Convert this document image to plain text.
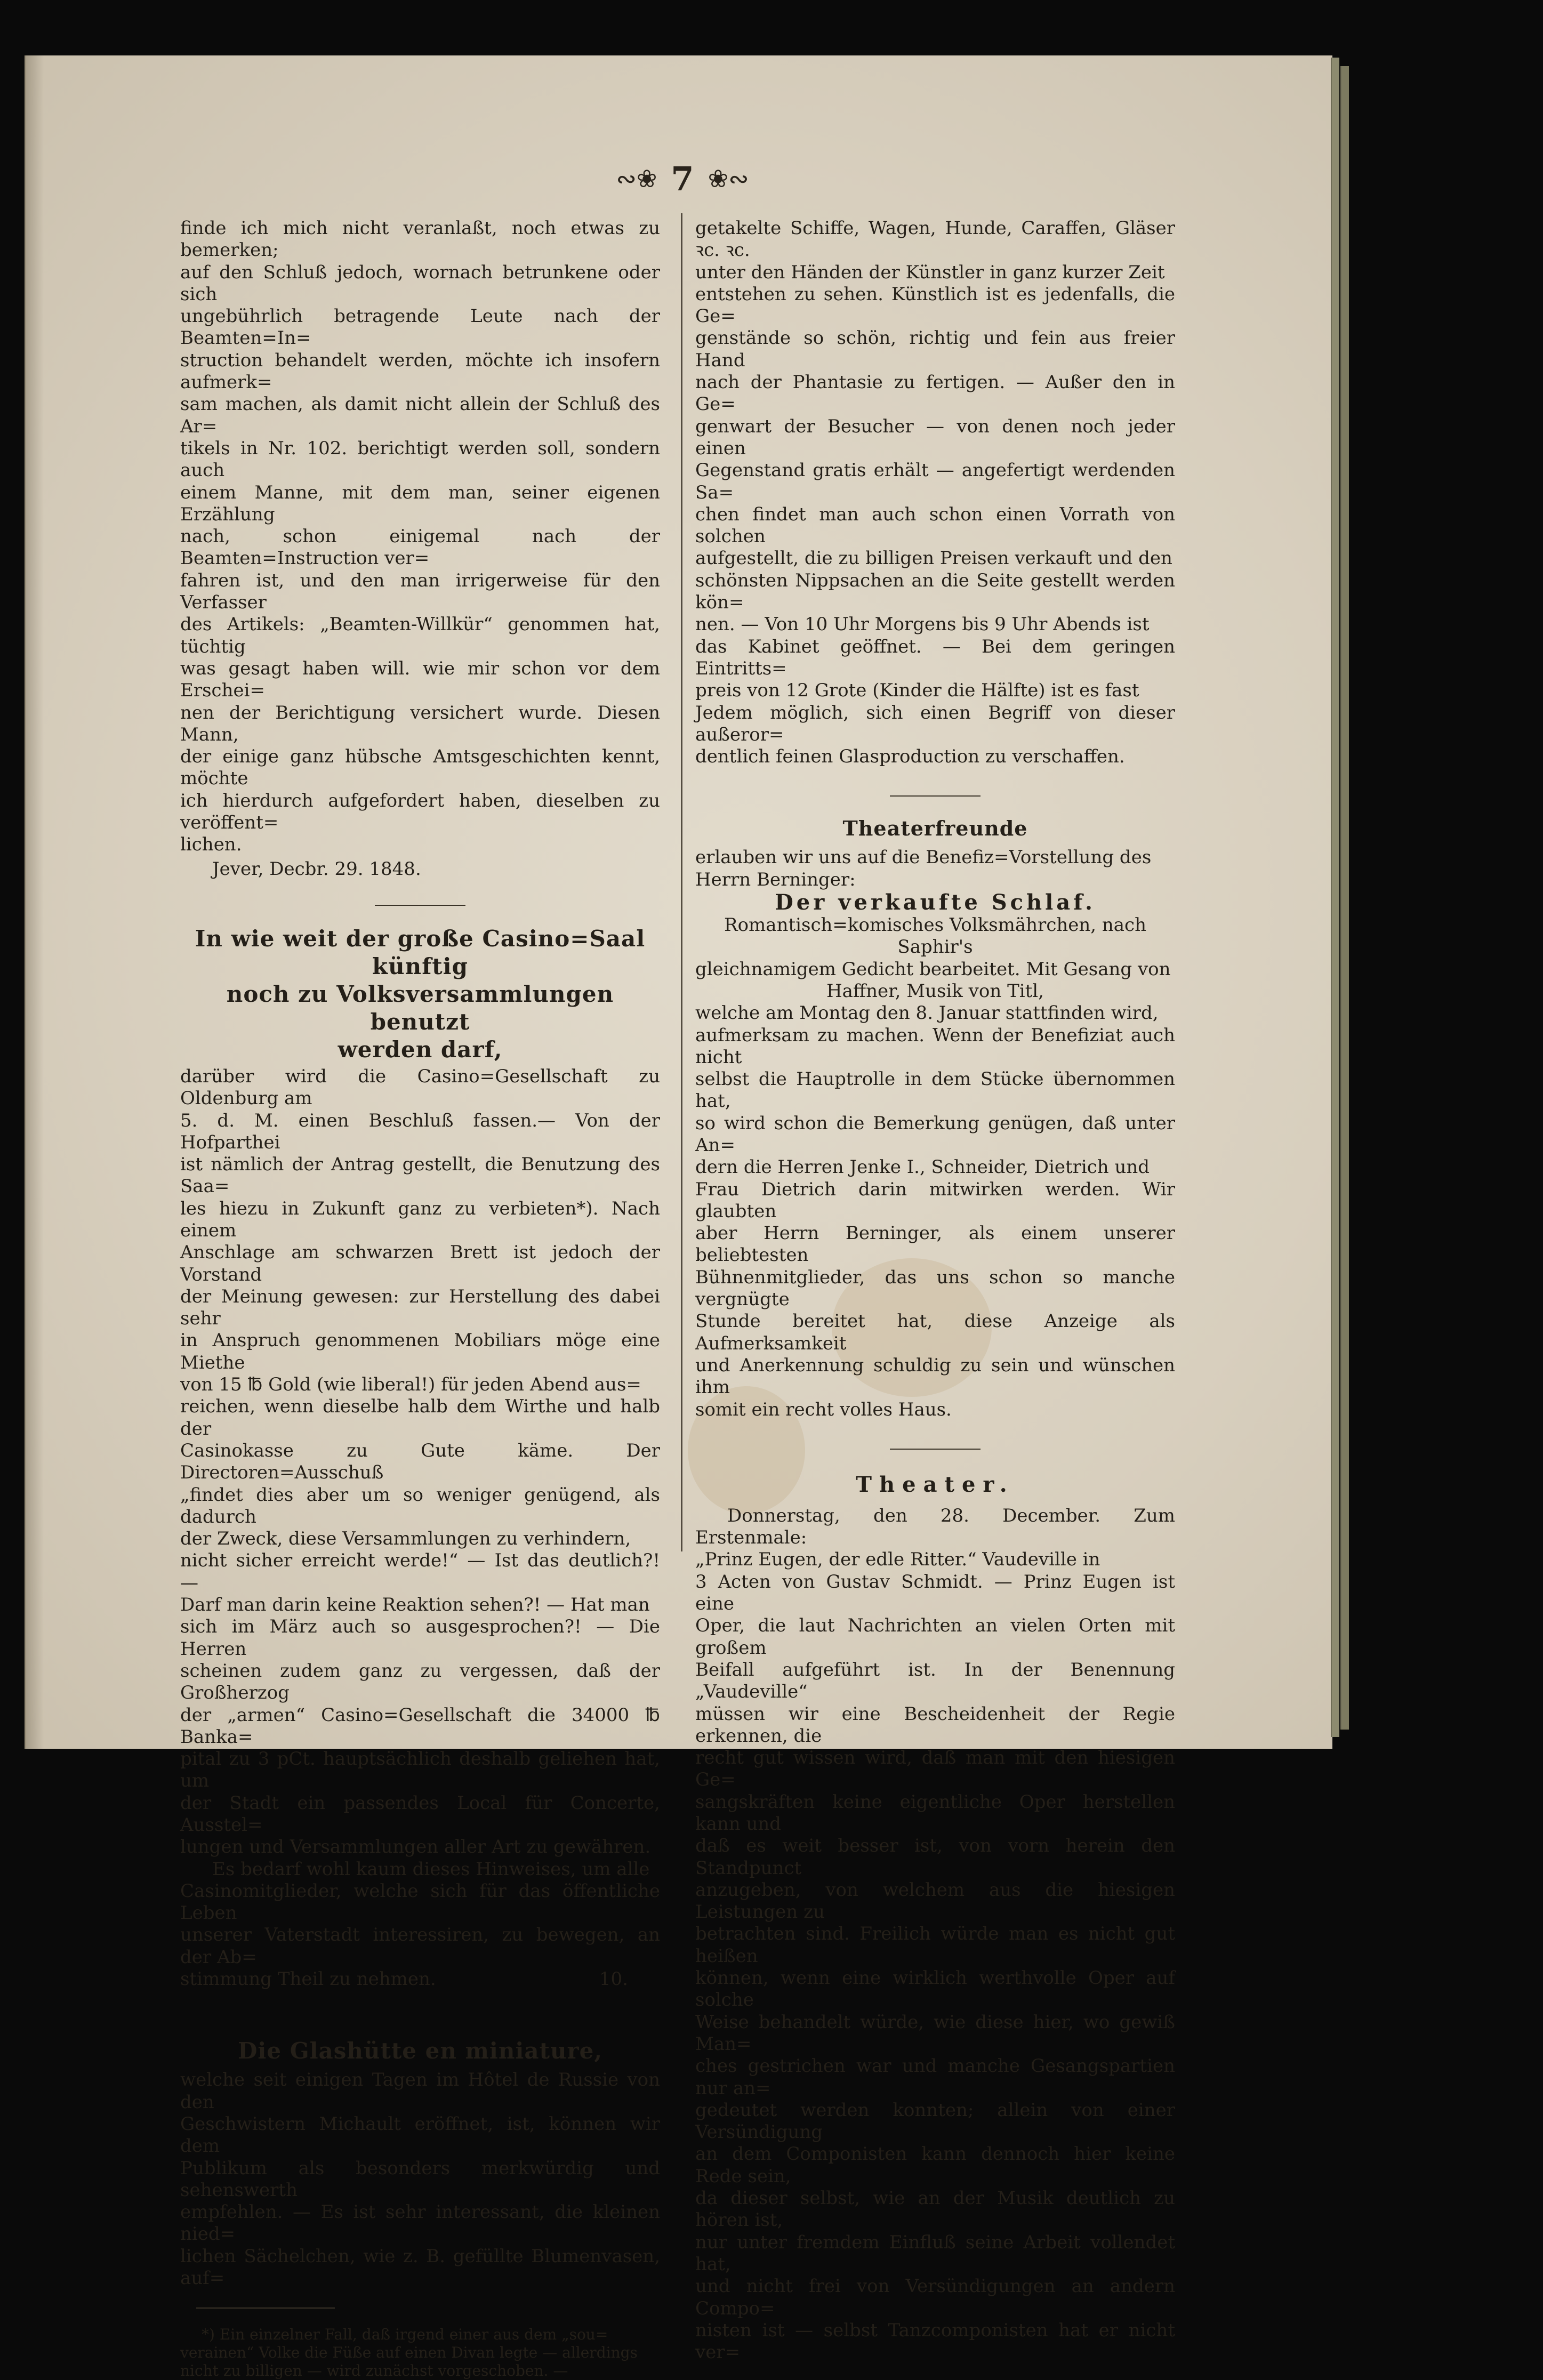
∾❀ 7 ❀∾

finde ich mich nicht veranlaßt, noch etwas zu bemerken;

auf den Schluß jedoch, wornach betrunkene oder sich

ungebührlich betragende Leute nach der Beamten=In=

struction behandelt werden, möchte ich insofern aufmerk=

sam machen, als damit nicht allein der Schluß des Ar=

tikels in Nr. 102. berichtigt werden soll, sondern auch

einem Manne, mit dem man, seiner eigenen Erzählung

nach, schon einigemal nach der Beamten=Instruction ver=

fahren ist, und den man irrigerweise für den Verfasser

des Artikels: „Beamten-Willkür“ genommen hat, tüchtig

was gesagt haben will. wie mir schon vor dem Erschei=

nen der Berichtigung versichert wurde. Diesen Mann,

der einige ganz hübsche Amtsgeschichten kennt, möchte

ich hierdurch aufgefordert haben, dieselben zu veröffent=

lichen.

Jever, Decbr. 29. 1848.

In wie weit der große Casino=Saal künftig

noch zu Volksversammlungen benutzt

werden darf,

darüber wird die Casino=Gesellschaft zu Oldenburg am

5. d. M. einen Beschluß fassen.— Von der Hofparthei

ist nämlich der Antrag gestellt, die Benutzung des Saa=

les hiezu in Zukunft ganz zu verbieten*). Nach einem

Anschlage am schwarzen Brett ist jedoch der Vorstand

der Meinung gewesen: zur Herstellung des dabei sehr

in Anspruch genommenen Mobiliars möge eine Miethe

von 15 ℔ Gold (wie liberal!) für jeden Abend aus=

reichen, wenn dieselbe halb dem Wirthe und halb der

Casinokasse zu Gute käme. Der Directoren=Ausschuß

„findet dies aber um so weniger genügend, als dadurch

der Zweck, diese Versammlungen zu verhindern,

nicht sicher erreicht werde!“ — Ist das deutlich?! —

Darf man darin keine Reaktion sehen?! — Hat man

sich im März auch so ausgesprochen?! — Die Herren

scheinen zudem ganz zu vergessen, daß der Großherzog

der „armen“ Casino=Gesellschaft die 34000 ℔ Banka=

pital zu 3 pCt. hauptsächlich deshalb geliehen hat, um

der Stadt ein passendes Local für Concerte, Ausstel=

lungen und Versammlungen aller Art zu gewähren.

Es bedarf wohl kaum dieses Hinweises, um alle

Casinomitglieder, welche sich für das öffentliche Leben

unserer Vaterstadt interessiren, zu bewegen, an der Ab=

stimmung Theil zu nehmen.	10.

Die Glashütte en miniature,

welche seit einigen Tagen im Hôtel de Russie von den

Geschwistern Michault eröffnet, ist, können wir dem

Publikum als besonders merkwürdig und sehenswerth

empfehlen. — Es ist sehr interessant, die kleinen nied=

lichen Sächelchen, wie z. B. gefüllte Blumenvasen, auf=

*) Ein einzelner Fall, daß irgend einer aus dem „sou=

verainen“ Volke die Füße auf einen Divan legte — allerdings

nicht zu billigen — wird zunächst vorgeschoben. —

getakelte Schiffe, Wagen, Hunde, Caraffen, Gläser ꝛc. ꝛc.

unter den Händen der Künstler in ganz kurzer Zeit

entstehen zu sehen. Künstlich ist es jedenfalls, die Ge=

genstände so schön, richtig und fein aus freier Hand

nach der Phantasie zu fertigen. — Außer den in Ge=

genwart der Besucher — von denen noch jeder einen

Gegenstand gratis erhält — angefertigt werdenden Sa=

chen findet man auch schon einen Vorrath von solchen

aufgestellt, die zu billigen Preisen verkauft und den

schönsten Nippsachen an die Seite gestellt werden kön=

nen. — Von 10 Uhr Morgens bis 9 Uhr Abends ist

das Kabinet geöffnet. — Bei dem geringen Eintritts=

preis von 12 Grote (Kinder die Hälfte) ist es fast

Jedem möglich, sich einen Begriff von dieser außeror=

dentlich feinen Glasproduction zu verschaffen.

Theaterfreunde

erlauben wir uns auf die Benefiz=Vorstellung des

Herrn Berninger:

Der verkaufte Schlaf.

Romantisch=komisches Volksmährchen, nach Saphir's

gleichnamigem Gedicht bearbeitet. Mit Gesang von

Haffner, Musik von Titl,

welche am Montag den 8. Januar stattfinden wird,

aufmerksam zu machen. Wenn der Benefiziat auch nicht

selbst die Hauptrolle in dem Stücke übernommen hat,

so wird schon die Bemerkung genügen, daß unter An=

dern die Herren Jenke I., Schneider, Dietrich und

Frau Dietrich darin mitwirken werden. Wir glaubten

aber Herrn Berninger, als einem unserer beliebtesten

Bühnenmitglieder, das uns schon so manche vergnügte

Stunde bereitet hat, diese Anzeige als Aufmerksamkeit

und Anerkennung schuldig zu sein und wünschen ihm

somit ein recht volles Haus.

Theater.

Donnerstag, den 28. December. Zum Erstenmale:

„Prinz Eugen, der edle Ritter.“ Vaudeville in

3 Acten von Gustav Schmidt. — Prinz Eugen ist eine

Oper, die laut Nachrichten an vielen Orten mit großem

Beifall aufgeführt ist. In der Benennung „Vaudeville“

müssen wir eine Bescheidenheit der Regie erkennen, die

recht gut wissen wird, daß man mit den hiesigen Ge=

sangskräften keine eigentliche Oper herstellen kann und

daß es weit besser ist, von vorn herein den Standpunct

anzugeben, von welchem aus die hiesigen Leistungen zu

betrachten sind. Freilich würde man es nicht gut heißen

können, wenn eine wirklich werthvolle Oper auf solche

Weise behandelt würde, wie diese hier, wo gewiß Man=

ches gestrichen war und manche Gesangspartien nur an=

gedeutet werden konnten; allein von einer Versündigung

an dem Componisten kann dennoch hier keine Rede sein,

da dieser selbst, wie an der Musik deutlich zu hören ist,

nur unter fremdem Einfluß seine Arbeit vollendet hat,

und nicht frei von Versündigungen an andern Compo=

nisten ist — selbst Tanzcomponisten hat er nicht ver=
